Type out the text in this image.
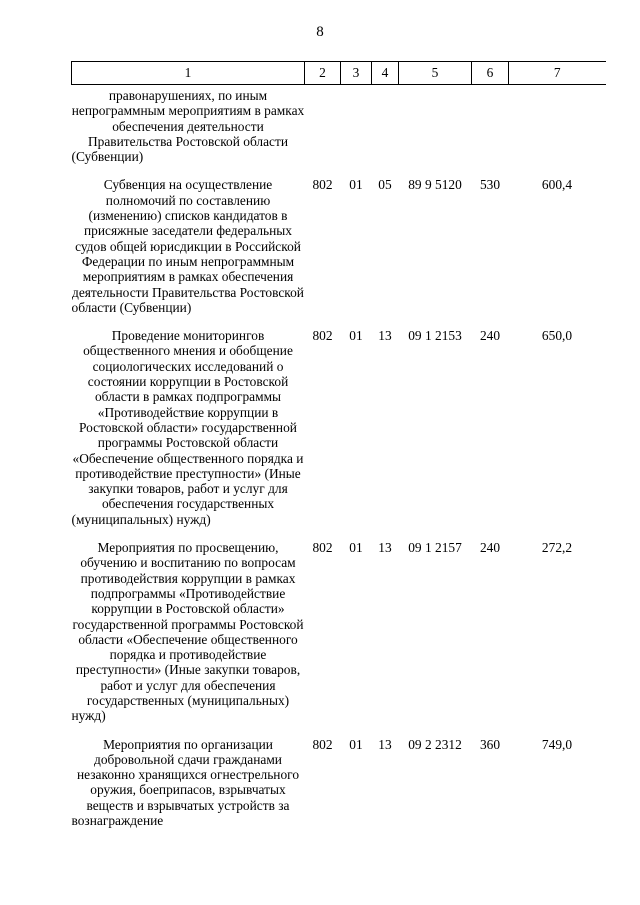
8
1	2	3	4	5	6	7
правонарушениях, по иным непрограммным мероприятиям в рамках обеспечения деятельности Правительства Ростовской области (Субвенции)						
Субвенция на осуществление полномочий по составлению (изменению) списков кандидатов в присяжные заседатели федеральных судов общей юрисдикции в Российской Федерации по иным непрограммным мероприятиям в рамках обеспечения деятельности Правительства Ростовской области (Субвенции)	802	01	05	89 9 5120	530	600,4
Проведение мониторингов общественного мнения и обобщение социологических исследований о состоянии коррупции в Ростовской области в рамках подпрограммы «Противодействие коррупции в Ростовской области» государственной программы Ростовской области «Обеспечение общественного порядка и противодействие преступности» (Иные закупки товаров, работ и услуг для обеспечения государственных (муниципальных) нужд)	802	01	13	09 1 2153	240	650,0
Мероприятия по просвещению, обучению и воспитанию по вопросам противодействия коррупции в рамках подпрограммы «Противодействие коррупции в Ростовской области» государственной программы Ростовской области «Обеспечение общественного порядка и противодействие преступности» (Иные закупки товаров, работ и услуг для обеспечения государственных (муниципальных) нужд)	802	01	13	09 1 2157	240	272,2
Мероприятия по организации добровольной сдачи гражданами незаконно хранящихся огнестрельного оружия, боеприпасов, взрывчатых веществ и взрывчатых устройств за вознаграждение	802	01	13	09 2 2312	360	749,0
